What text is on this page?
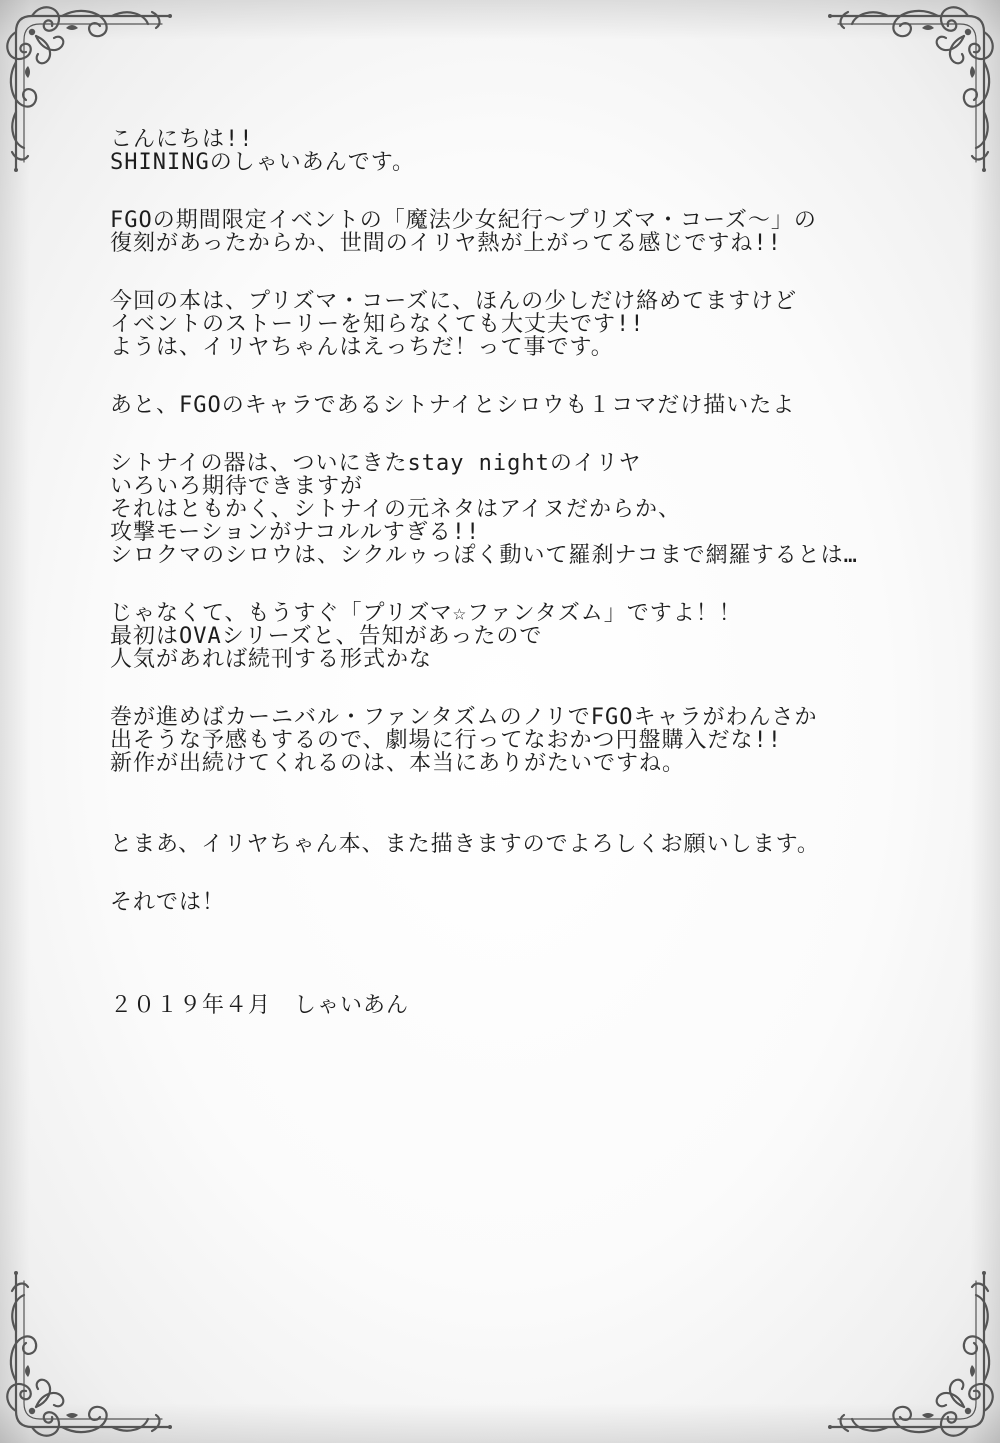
こんにちは!!

SHININGのしゃいあんです。

FGOの期間限定イベントの「魔法少女紀行～プリズマ・コーズ～」の

復刻があったからか、世間のイリヤ熱が上がってる感じですね!!

今回の本は、プリズマ・コーズに、ほんの少しだけ絡めてますけど

イベントのストーリーを知らなくても大丈夫です!!

ようは、イリヤちゃんはえっちだ！って事です。

あと、FGOのキャラであるシトナイとシロウも１コマだけ描いたよ

シトナイの器は、ついにきたstay nightのイリヤ

いろいろ期待できますが

それはともかく、シトナイの元ネタはアイヌだからか、

攻撃モーションがナコルルすぎる!!

シロクマのシロウは、シクルゥっぽく動いて羅刹ナコまで網羅するとは…

じゃなくて、もうすぐ「プリズマ☆ファンタズム」ですよ！！

最初はOVAシリーズと、告知があったので

人気があれば続刊する形式かな

巻が進めばカーニバル・ファンタズムのノリでFGOキャラがわんさか

出そうな予感もするので、劇場に行ってなおかつ円盤購入だな!!

新作が出続けてくれるのは、本当にありがたいですね。

とまあ、イリヤちゃん本、また描きますのでよろしくお願いします。

それでは！

２０１９年４月　しゃいあん
